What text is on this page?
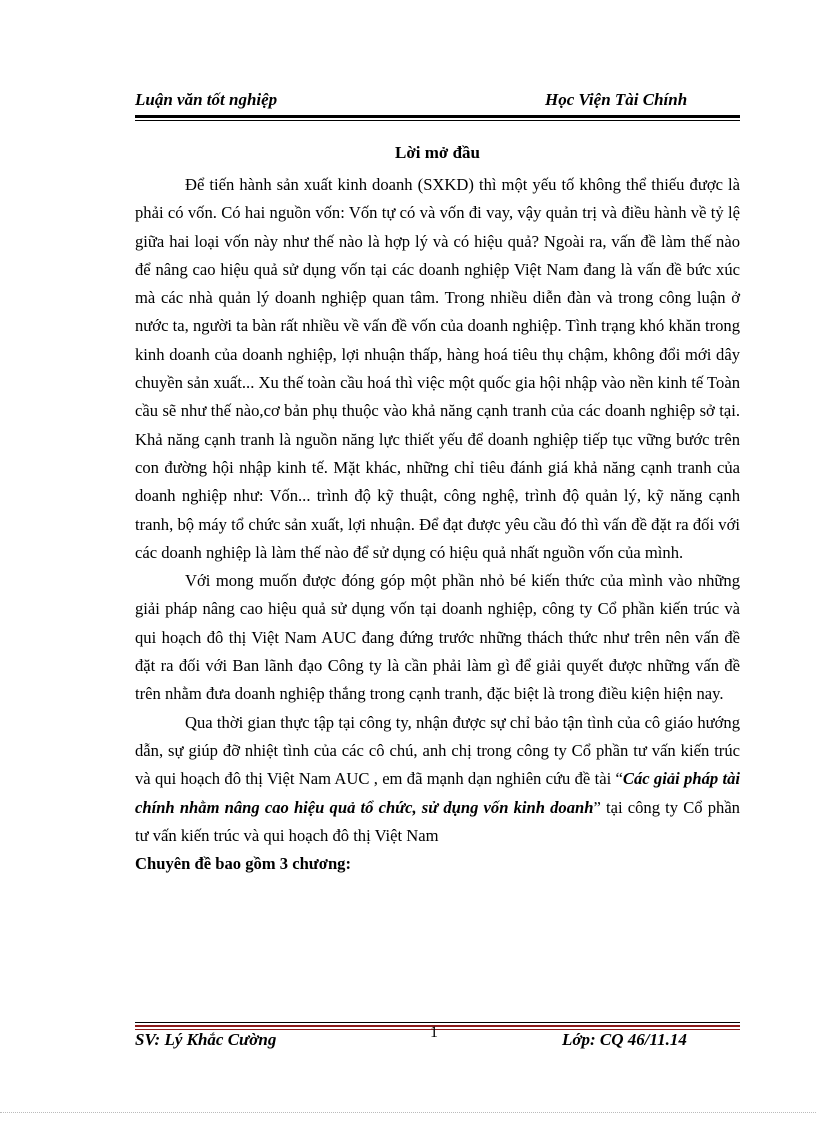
Luận văn tốt nghiệp	Học Viện Tài Chính
Lời mở đầu

Để tiến hành sản xuất kinh doanh (SXKD) thì một yếu tố không thể thiếu được là phải có vốn. Có hai nguồn vốn: Vốn tự có và vốn đi vay, vậy quản trị và điều hành về tỷ lệ giữa hai loại vốn này như thế nào là hợp lý và có hiệu quả? Ngoài ra, vấn đề làm thế nào để nâng cao hiệu quả sử dụng vốn tại các doanh nghiệp Việt Nam đang là vấn đề bức xúc mà các nhà quản lý doanh nghiệp quan tâm. Trong nhiều diễn đàn và trong công luận ở nước ta, người ta bàn rất nhiều về vấn đề vốn của doanh nghiệp. Tình trạng khó khăn trong kinh doanh của doanh nghiệp, lợi nhuận thấp, hàng hoá tiêu thụ chậm, không đổi mới dây chuyền sản xuất... Xu thế toàn cầu hoá thì việc một quốc gia hội nhập vào nền kinh tế Toàn cầu sẽ như thế nào,cơ bản phụ thuộc vào khả năng cạnh tranh của các doanh nghiệp sở tại. Khả năng cạnh tranh là nguồn năng lực thiết yếu để doanh nghiệp tiếp tục vững bước trên con đường hội nhập kinh tế. Mặt khác, những chỉ tiêu đánh giá khả năng cạnh tranh của doanh nghiệp như: Vốn... trình độ kỹ thuật, công nghệ, trình độ quản lý, kỹ năng cạnh tranh, bộ máy tổ chức sản xuất, lợi nhuận. Để đạt được yêu cầu đó thì vấn đề đặt ra đối với các doanh nghiệp là làm thế nào để sử dụng có hiệu quả nhất nguồn vốn của mình.

Với mong muốn được đóng góp một phần nhỏ bé kiến thức của mình vào những giải pháp nâng cao hiệu quả sử dụng vốn tại doanh nghiệp, công ty Cổ phần kiến trúc và qui hoạch đô thị Việt Nam AUC đang đứng trước những thách thức như trên nên vấn đề đặt ra đối với Ban lãnh đạo Công ty là cần phải làm gì để giải quyết được những vấn đề trên nhằm đưa doanh nghiệp thắng trong cạnh tranh, đặc biệt là trong điều kiện hiện nay.

Qua thời gian thực tập tại công ty, nhận được sự chỉ bảo tận tình của cô giáo hướng dẫn, sự giúp đỡ nhiệt tình của các cô chú, anh chị trong công ty Cổ phần tư vấn kiến trúc và qui hoạch đô thị Việt Nam AUC , em đã mạnh dạn nghiên cứu đề tài “Các giải pháp tài chính nhằm nâng cao hiệu quả tổ chức, sử dụng vốn kinh doanh” tại công ty Cổ phần tư vấn kiến trúc và qui hoạch đô thị Việt Nam

Chuyên đề bao gồm 3 chương:

SV: Lý Khắc Cường	1	Lớp: CQ 46/11.14
